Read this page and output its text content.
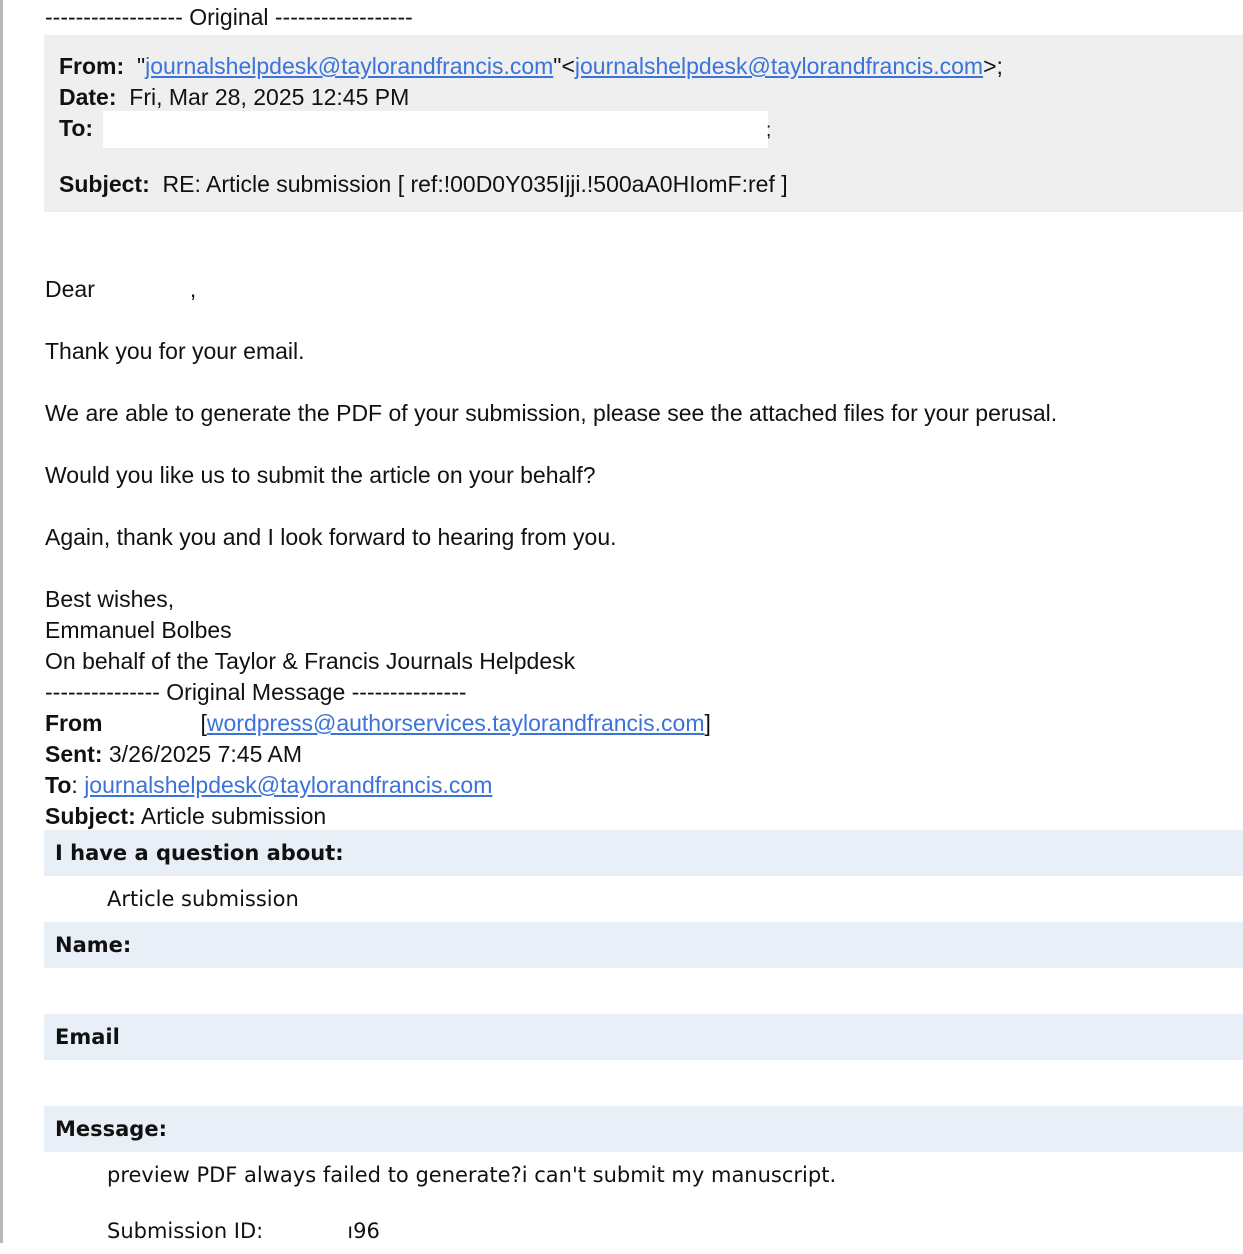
------------------ Original ------------------
From: "journalshelpdesk@taylorandfrancis.com"<journalshelpdesk@taylorandfrancis.com>;
Date: Fri, Mar 28, 2025 12:45 PM
To:	;
Subject: RE: Article submission [ ref:!00D0Y035Ijji.!500aA0HIomF:ref ]
Dear	,
Thank you for your email.
We are able to generate the PDF of your submission, please see the attached files for your perusal.
Would you like us to submit the article on your behalf?
Again, thank you and I look forward to hearing from you.
Best wishes,
Emmanuel Bolbes
On behalf of the Taylor & Francis Journals Helpdesk
--------------- Original Message ---------------
From	[wordpress@authorservices.taylorandfrancis.com]
Sent: 3/26/2025 7:45 AM
To: journalshelpdesk@taylorandfrancis.com
Subject: Article submission
I have a question about:
Article submission
Name:
Email
Message:
preview PDF always failed to generate?i can't submit my manuscript.
Submission ID:	ı96
